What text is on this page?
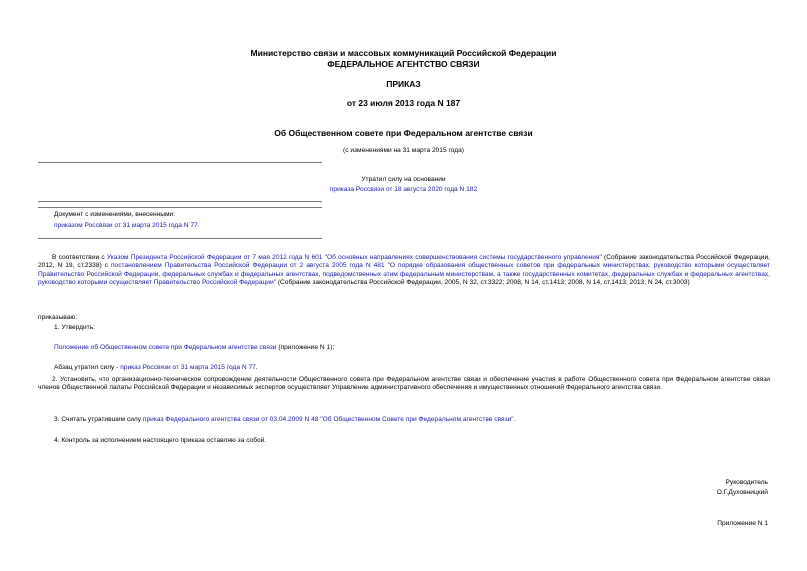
Министерство связи и массовых коммуникаций Российской Федерации
ФЕДЕРАЛЬНОЕ АГЕНТСТВО СВЯЗИ
ПРИКАЗ
от 23 июля 2013 года N 187
Об Общественном совете при Федеральном агентстве связи
(с изменениями на 31 марта 2015 года)
Утратил силу на основании
приказа Россвязи от 18 августа 2020 года N 182
Документ с изменениями, внесенными:
приказом Россвязи от 31 марта 2015 года N 77.
В соответствии с Указом Президента Российской Федерации от 7 мая 2012 года N 601 "Об основных направлениях совершенствования системы государственного управления" (Собрание законодательства Российской Федерации, 2012, N 19, ст.2338) с постановлением Правительства Российской Федерации от 2 августа 2005 года N 481 "О порядке образования общественных советов при федеральных министерствах, руководство которыми осуществляет Правительство Российской Федерации, федеральных службах и федеральных агентствах, подведомственных этим федеральным министерствам, а также государственных комитетах, федеральных службах и федеральных агентствах, руководство которыми осуществляет Правительство Российской Федерации" (Собрание законодательства Российской Федерации, 2005, N 32, ст.3322; 2008, N 14, ст.1413; 2008, N 14, ст.1413; 2013, N 24, ст.3003)
приказываю:
1. Утвердить:
Положение об Общественном совете при Федеральном агентстве связи (приложение N 1);
Абзац утратил силу - приказ Россвязи от 31 марта 2015 года N 77.
2. Установить, что организационно-техническое сопровождение деятельности Общественного совета при Федеральном агентстве связи и обеспечение участия в работе Общественного совета при Федеральном агентстве связи членов Общественной палаты Российской Федерации и независимых экспертов осуществляет Управление административного обеспечения и имущественных отношений Федерального агентства связи.
3. Считать утратившим силу приказ Федерального агентства связи от 03.04.2009 N 48 "Об Общественном Совете при Федеральном агентстве связи".
4. Контроль за исполнением настоящего приказа оставляю за собой.
Руководитель
О.Г.Духовницкий
Приложение N 1
